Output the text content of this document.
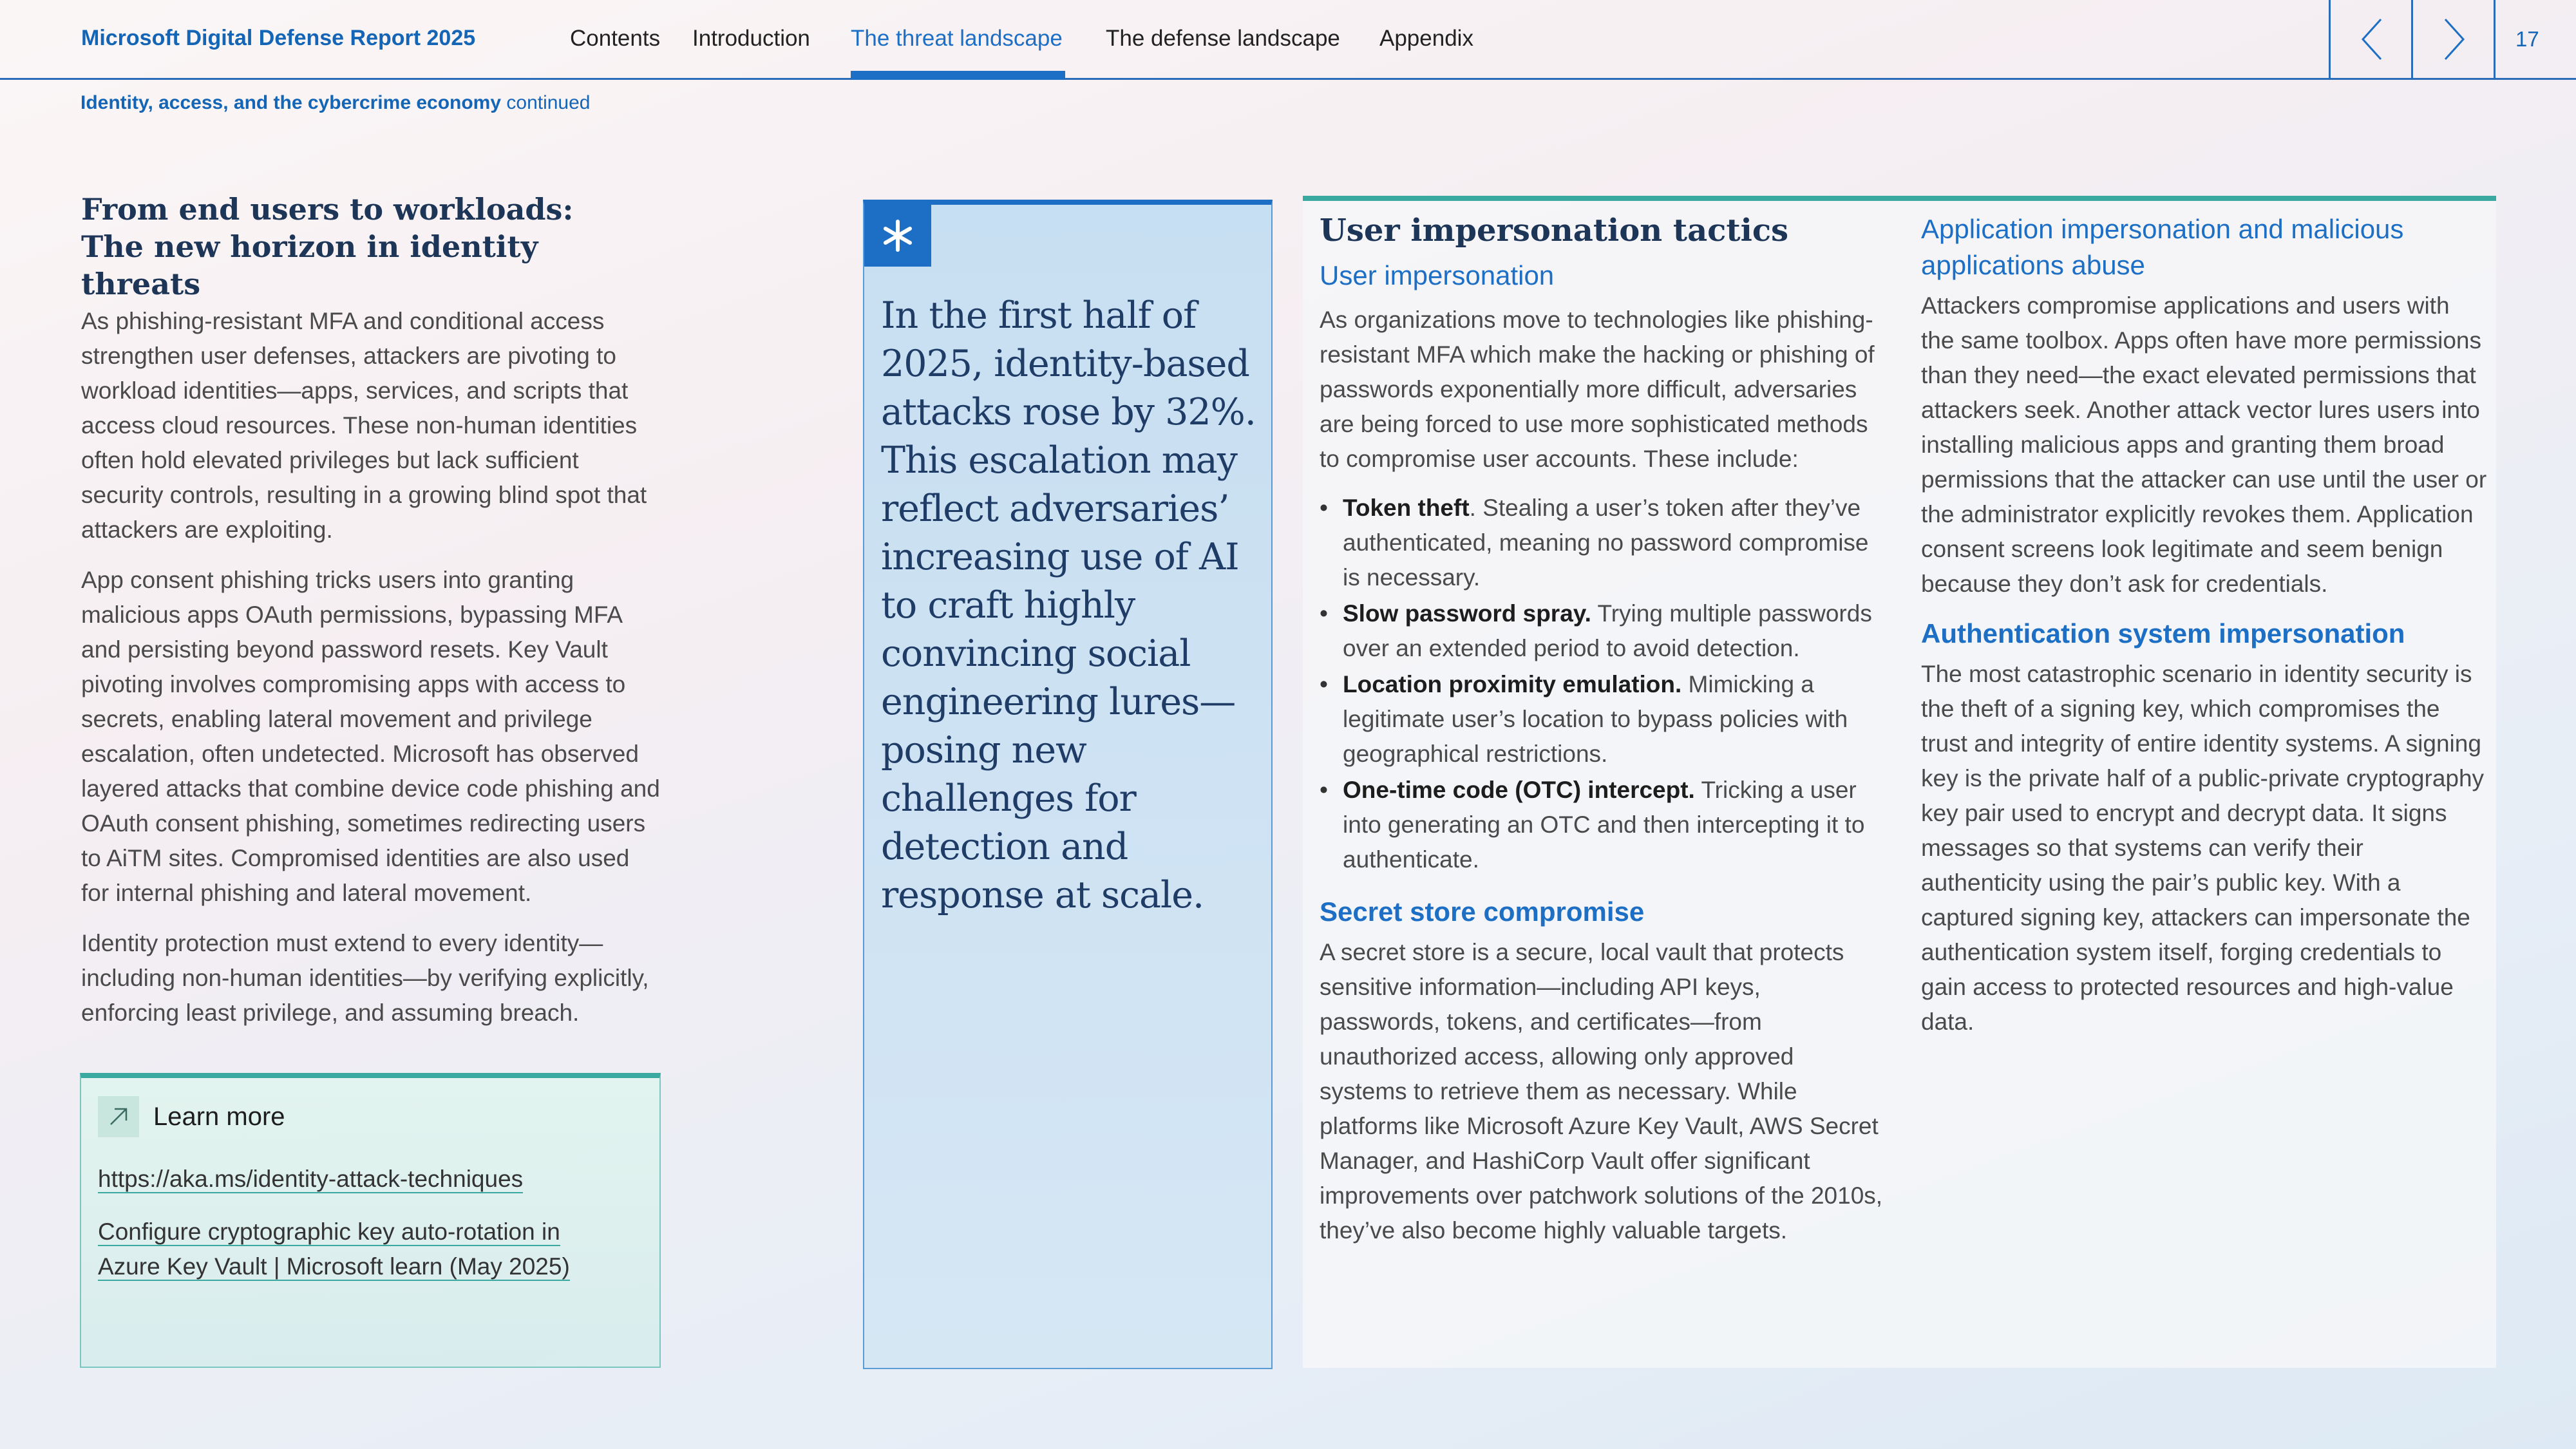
Microsoft Digital Defense Report 2025	Contents Introduction The threat landscape The defense landscape Appendix	17
Identity, access, and the cybercrime economy continued
From end users to workloads:
The new horizon in identity threats

As phishing-resistant MFA and conditional access strengthen user defenses, attackers are pivoting to workload identities—apps, services, and scripts that access cloud resources. These non-human identities often hold elevated privileges but lack sufficient security controls, resulting in a growing blind spot that attackers are exploiting.

App consent phishing tricks users into granting malicious apps OAuth permissions, bypassing MFA and persisting beyond password resets. Key Vault pivoting involves compromising apps with access to secrets, enabling lateral movement and privilege escalation, often undetected. Microsoft has observed layered attacks that combine device code phishing and OAuth consent phishing, sometimes redirecting users to AiTM sites. Compromised identities are also used for internal phishing and lateral movement.

Identity protection must extend to every identity—including non-human identities—by verifying explicitly, enforcing least privilege, and assuming breach.

Learn more
https://aka.ms/identity-attack-techniques
Configure cryptographic key auto-rotation in Azure Key Vault | Microsoft learn (May 2025)
In the first half of 2025, identity-based attacks rose by 32%. This escalation may reflect adversaries’ increasing use of AI to craft highly convincing social engineering lures—posing new challenges for detection and response at scale.
User impersonation tactics
User impersonation

As organizations move to technologies like phishing-resistant MFA which make the hacking or phishing of passwords exponentially more difficult, adversaries are being forced to use more sophisticated methods to compromise user accounts. These include:

• Token theft. Stealing a user’s token after they’ve authenticated, meaning no password compromise is necessary.
• Slow password spray. Trying multiple passwords over an extended period to avoid detection.
• Location proximity emulation. Mimicking a legitimate user’s location to bypass policies with geographical restrictions.
• One-time code (OTC) intercept. Tricking a user into generating an OTC and then intercepting it to authenticate.
Secret store compromise

A secret store is a secure, local vault that protects sensitive information—including API keys, passwords, tokens, and certificates—from unauthorized access, allowing only approved systems to retrieve them as necessary. While platforms like Microsoft Azure Key Vault, AWS Secret Manager, and HashiCorp Vault offer significant improvements over patchwork solutions of the 2010s, they’ve also become highly valuable targets.

Application impersonation and malicious applications abuse

Attackers compromise applications and users with the same toolbox. Apps often have more permissions than they need—the exact elevated permissions that attackers seek. Another attack vector lures users into installing malicious apps and granting them broad permissions that the attacker can use until the user or the administrator explicitly revokes them. Application consent screens look legitimate and seem benign because they don’t ask for credentials.

Authentication system impersonation

The most catastrophic scenario in identity security is the theft of a signing key, which compromises the trust and integrity of entire identity systems. A signing key is the private half of a public-private cryptography key pair used to encrypt and decrypt data. It signs messages so that systems can verify their authenticity using the pair’s public key. With a captured signing key, attackers can impersonate the authentication system itself, forging credentials to gain access to protected resources and high-value data.
